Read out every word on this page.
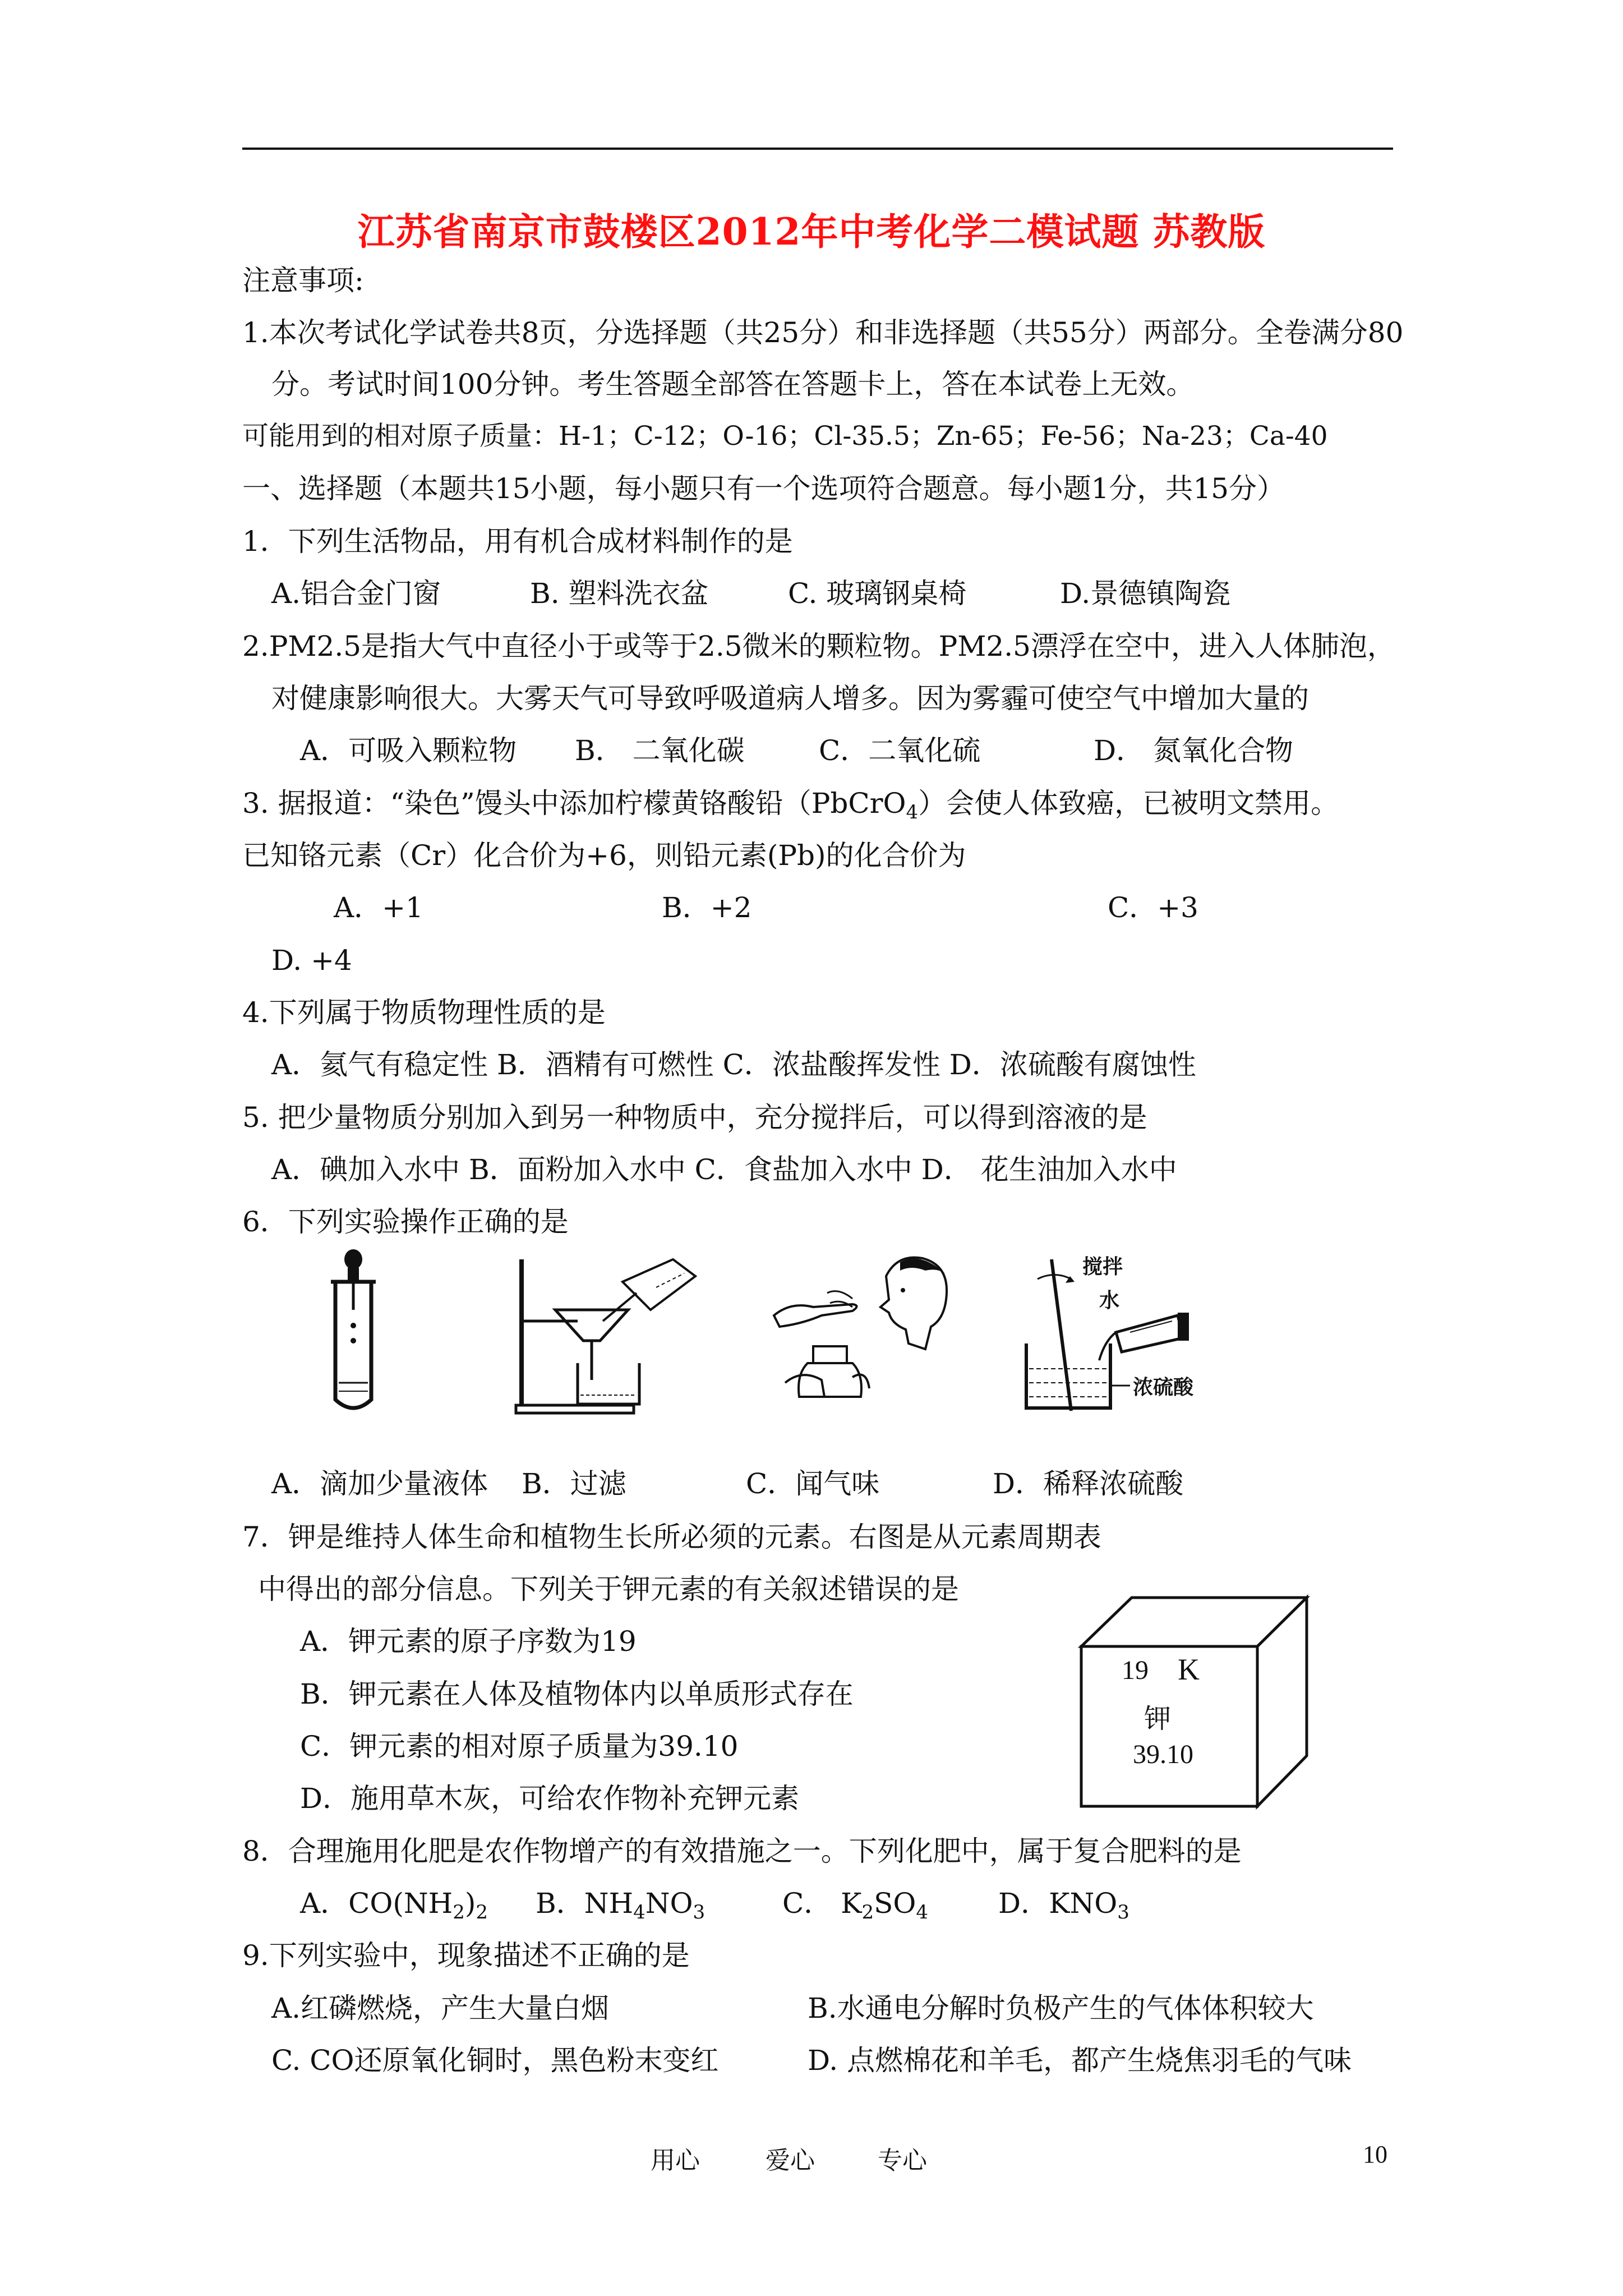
江苏省南京市鼓楼区2012年中考化学二模试题 苏教版
注意事项:
1.本次考试化学试卷共8页，分选择题（共25分）和非选择题（共55分）两部分。全卷满分80
分。考试时间100分钟。考生答题全部答在答题卡上，答在本试卷上无效。
可能用到的相对原子质量：H-1；C-12；O-16；Cl-35.5；Zn-65；Fe-56；Na-23；Ca-40
一、选择题（本题共15小题，每小题只有一个选项符合题意。每小题1分，共15分）
1．下列生活物品，用有机合成材料制作的是
A.铝合金门窗	B. 塑料洗衣盆	C. 玻璃钢桌椅	D.景德镇陶瓷
2.PM2.5是指大气中直径小于或等于2.5微米的颗粒物。PM2.5漂浮在空中，进入人体肺泡，
对健康影响很大。大雾天气可导致呼吸道病人增多。因为雾霾可使空气中增加大量的
A．可吸入颗粒物 B． 二氧化碳	C．二氧化硫	D． 氮氧化合物
3. 据报道：“染色”馒头中添加柠檬黄铬酸铅（PbCrO$_4$）会使人体致癌，已被明文禁用。
已知铬元素（Cr）化合价为+6，则铅元素(Pb)的化合价为
A．+1	B．+2	C．+3
D. +4
4.下列属于物质物理性质的是
A．氦气有稳定性 B．酒精有可燃性 C．浓盐酸挥发性 D．浓硫酸有腐蚀性
5. 把少量物质分别加入到另一种物质中，充分搅拌后，可以得到溶液的是
A．碘加入水中 B．面粉加入水中 C．食盐加入水中 D． 花生油加入水中
6．下列实验操作正确的是
搅拌
水
浓硫酸
A．滴加少量液体 B．过滤	C．闻气味	D．稀释浓硫酸
7．钾是维持人体生命和植物生长所必须的元素。右图是从元素周期表
中得出的部分信息。下列关于钾元素的有关叙述错误的是
A．钾元素的原子序数为19
B．钾元素在人体及植物体内以单质形式存在
C．钾元素的相对原子质量为39.10
D．施用草木灰，可给农作物补充钾元素
19 K
钾
39.10
8．合理施用化肥是农作物增产的有效措施之一。下列化肥中，属于复合肥料的是
A．$CO(NH_2)_2$ B．$NH_4NO_3$	C． $K_2SO_4$ D．$KNO_3$
9.下列实验中，现象描述不正确的是
A.红磷燃烧，产生大量白烟	B.水通电分解时负极产生的气体体积较大
C. CO还原氧化铜时，黑色粉末变红	D. 点燃棉花和羊毛，都产生烧焦羽毛的气味
用心	爱心	专心	10
